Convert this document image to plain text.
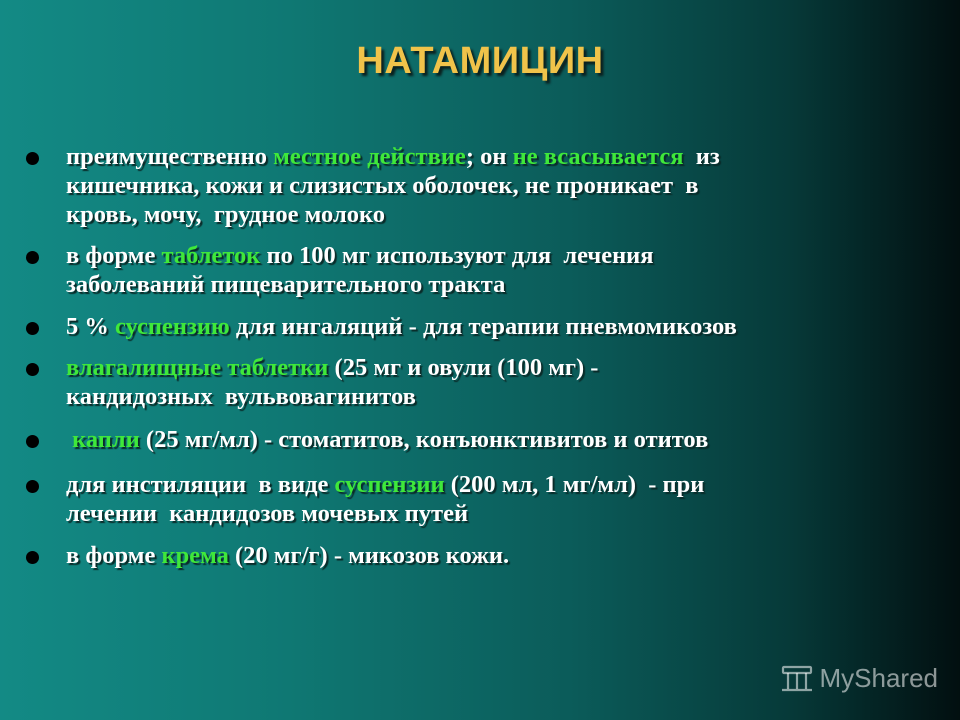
НАТАМИЦИН
преимущественно местное действие; он не всасывается  из
кишечника, кожи и слизистых оболочек, не проникает  в
кровь, мочу,  грудное молоко
в форме таблеток по 100 мг используют для  лечения
заболеваний пищеварительного тракта
5 % суспензию для ингаляций - для терапии пневмомикозов
влагалищные таблетки (25 мг и овули (100 мг) -
кандидозных  вульвовагинитов
капли (25 мг/мл) - стоматитов, конъюнктивитов и отитов
для инстиляции  в виде суспензии (200 мл, 1 мг/мл)  - при
лечении  кандидозов мочевых путей
в форме крема (20 мг/г) - микозов кожи.
MyShared
